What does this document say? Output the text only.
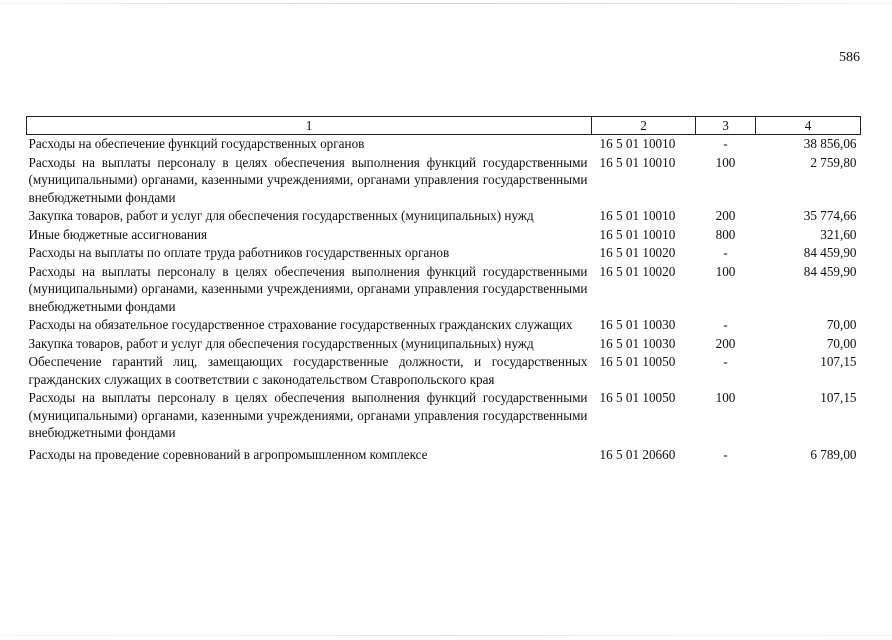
586
1	2	3	4
Расходы на обеспечение функций государственных органов	16 5 01 10010	-	38 856,06
Расходы на выплаты персоналу в целях обеспечения выполнения функций государственными (муниципальными) органами, казенными учреждениями, органами управления государственными внебюджетными фондами	16 5 01 10010	100	2 759,80
Закупка товаров, работ и услуг для обеспечения государственных (муниципальных) нужд	16 5 01 10010	200	35 774,66
Иные бюджетные ассигнования	16 5 01 10010	800	321,60
Расходы на выплаты по оплате труда работников государственных органов	16 5 01 10020	-	84 459,90
Расходы на выплаты персоналу в целях обеспечения выполнения функций государственными (муниципальными) органами, казенными учреждениями, органами управления государственными внебюджетными фондами	16 5 01 10020	100	84 459,90
Расходы на обязательное государственное страхование государственных гражданских служащих	16 5 01 10030	-	70,00
Закупка товаров, работ и услуг для обеспечения государственных (муниципальных) нужд	16 5 01 10030	200	70,00
Обеспечение гарантий лиц, замещающих государственные должности, и государственных гражданских служащих в соответствии с законодательством Ставропольского края	16 5 01 10050	-	107,15
Расходы на выплаты персоналу в целях обеспечения выполнения функций государственными (муниципальными) органами, казенными учреждениями, органами управления государственными внебюджетными фондами	16 5 01 10050	100	107,15
Расходы на проведение соревнований в агропромышленном комплексе	16 5 01 20660	-	6 789,00
